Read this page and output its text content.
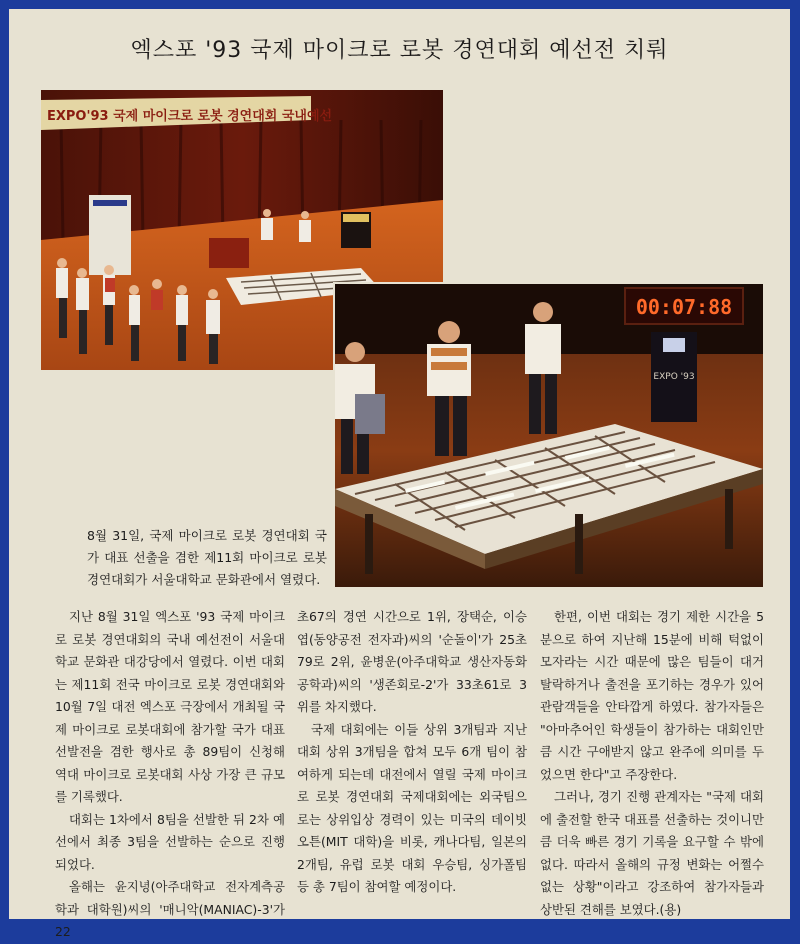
엑스포 '93 국제 마이크로 로봇 경연대회 예선전 치뤄
EXPO'93 국제 마이크로 로봇 경연대회 국내예선
00:07:88
EXPO '93
8월 31일, 국제 마이크로 로봇 경연대회 국가 대표 선출을 겸한 제11회 마이크로 로봇 경연대회가 서울대학교 문화관에서 열렸다.

지난 8월 31일 엑스포 '93 국제 마이크로 로봇 경연대회의 국내 예선전이 서울대학교 문화관 대강당에서 열렸다. 이번 대회는 제11회 전국 마이크로 로봇 경연대회와 10월 7일 대전 엑스포 극장에서 개최될 국제 마이크로 로봇대회에 참가할 국가 대표 선발전을 겸한 행사로 총 89팀이 신청해 역대 마이크로 로봇대회 사상 가장 큰 규모를 기록했다.

대회는 1차에서 8팀을 선발한 뒤 2차 예선에서 최종 3팀을 선발하는 순으로 진행되었다.

올해는 윤지녕(아주대학교 전자계측공학과 대학원)씨의 '매니악(MANIAC)-3'가 22

초67의 경연 시간으로 1위, 장택순, 이승엽(동양공전 전자과)씨의 '순돌이'가 25초79로 2위, 윤병운(아주대학교 생산자동화공학과)씨의 '생존회로-2'가 33초61로 3위를 차지했다.

국제 대회에는 이들 상위 3개팀과 지난 대회 상위 3개팀을 합쳐 모두 6개 팀이 참여하게 되는데 대전에서 열릴 국제 마이크로 로봇 경연대회 국제대회에는 외국팀으로는 상위입상 경력이 있는 미국의 데이빗 오튼(MIT 대학)을 비롯, 캐나다팀, 일본의 2개팀, 유럽 로봇 대회 우승팀, 싱가폴팀 등 총 7팀이 참여할 예정이다.

한편, 이번 대회는 경기 제한 시간을 5분으로 하여 지난해 15분에 비해 턱없이 모자라는 시간 때문에 많은 팀들이 대거 탈락하거나 출전을 포기하는 경우가 있어 관람객들을 안타깝게 하였다. 참가자들은 "아마추어인 학생들이 참가하는 대회인만큼 시간 구애받지 않고 완주에 의미를 두었으면 한다"고 주장한다.

그러나, 경기 진행 관계자는 "국제 대회에 출전할 한국 대표를 선출하는 것이니만큼 더욱 빠른 경기 기록을 요구할 수 밖에 없다. 따라서 올해의 규정 변화는 어쩔수 없는 상황"이라고 강조하여 참가자들과 상반된 견해를 보였다.(용)
